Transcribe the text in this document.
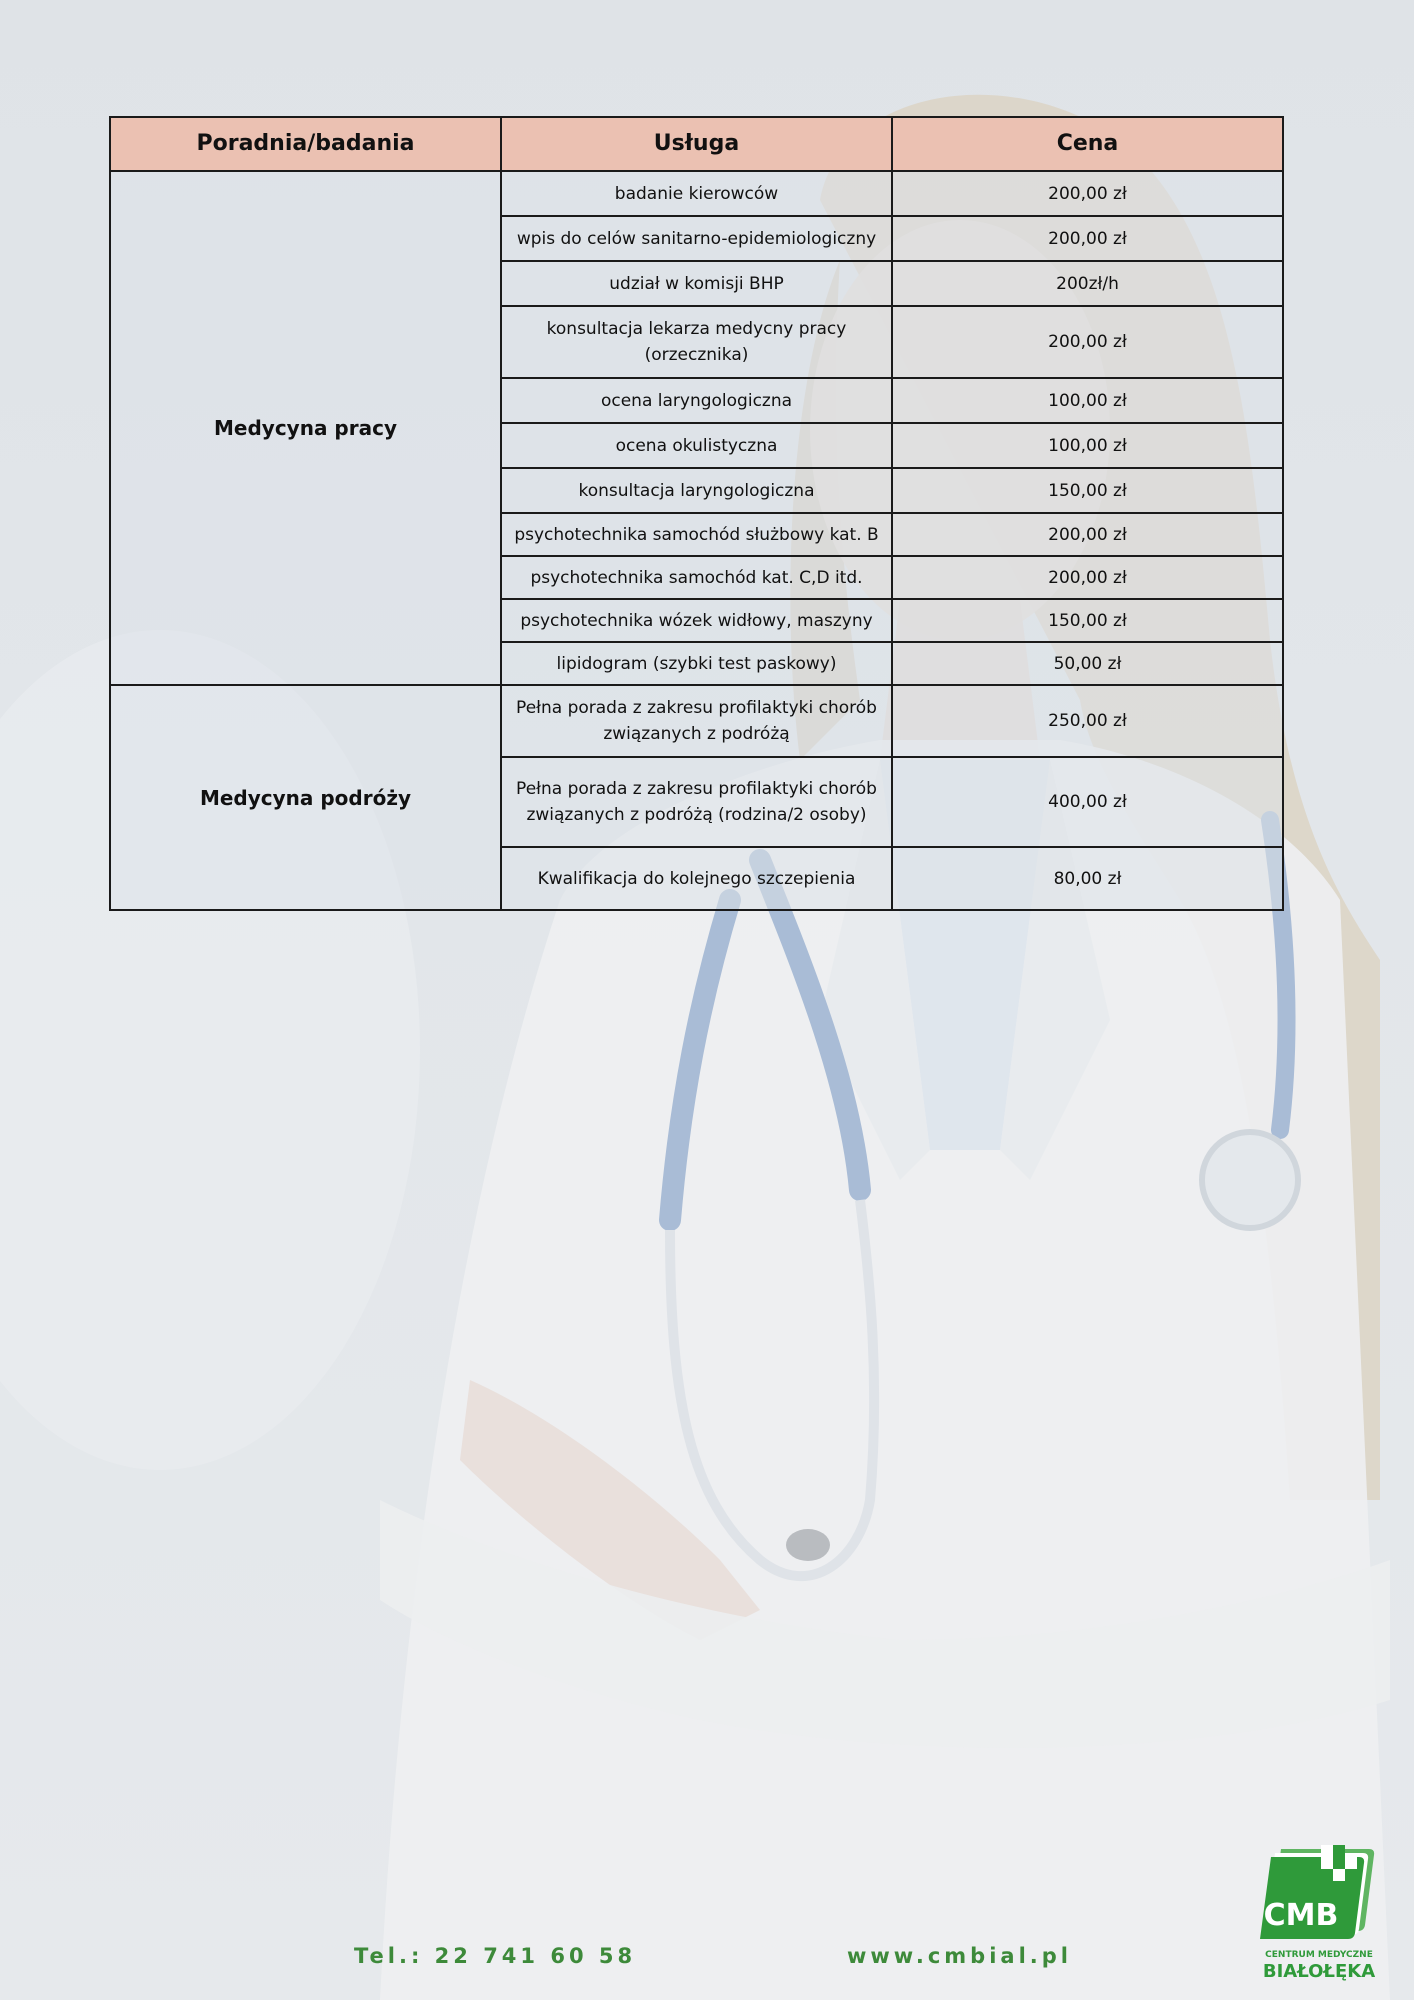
Poradnia/badania	Usługa	Cena
Medycyna pracy	badanie kierowców	200,00 zł
	wpis do celów sanitarno-epidemiologiczny	200,00 zł
	udział w komisji BHP	200zł/h
	konsultacja lekarza medycny pracy (orzecznika)	200,00 zł
	ocena laryngologiczna	100,00 zł
	ocena okulistyczna	100,00 zł
	konsultacja laryngologiczna	150,00 zł
	psychotechnika samochód służbowy kat. B	200,00 zł
	psychotechnika samochód kat. C,D itd.	200,00 zł
	psychotechnika wózek widłowy, maszyny	150,00 zł
	lipidogram (szybki test paskowy)	50,00 zł
Medycyna podróży	Pełna porada z zakresu profilaktyki chorób związanych z podróżą	250,00 zł
	Pełna porada z zakresu profilaktyki chorób związanych z podróżą (rodzina/2 osoby)	400,00 zł
	Kwalifikacja do kolejnego szczepienia	80,00 zł
Tel.: 22 741 60 58	www.cmbial.pl
CMB
CENTRUM MEDYCZNE
BIAŁOŁĘKA
